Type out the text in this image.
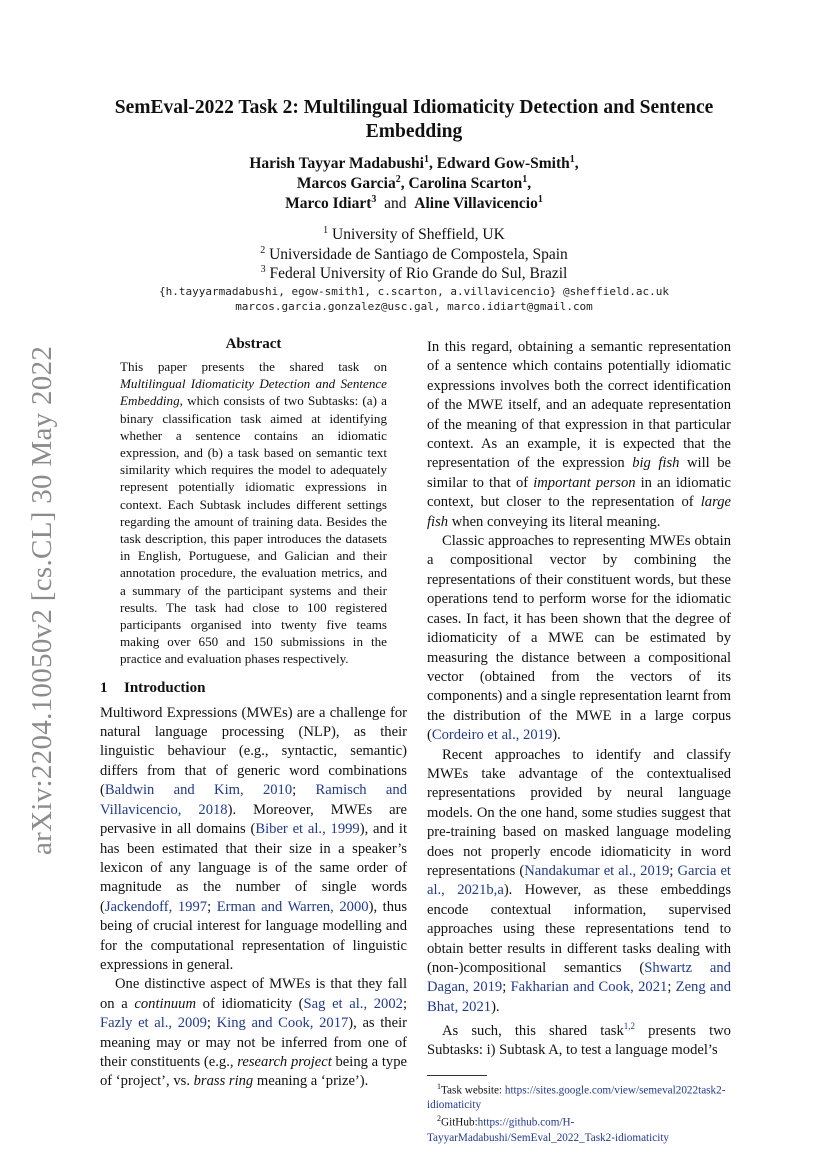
arXiv:2204.10050v2 [cs.CL] 30 May 2022
SemEval-2022 Task 2: Multilingual Idiomaticity Detection and Sentence Embedding
Harish Tayyar Madabushi$^1$, Edward Gow-Smith$^1$,
Marcos Garcia$^2$, Carolina Scarton$^1$,
Marco Idiart$^3$ and Aline Villavicencio$^1$
$^1$ University of Sheffield, UK
$^2$ Universidade de Santiago de Compostela, Spain
$^3$ Federal University of Rio Grande do Sul, Brazil
{h.tayyarmadabushi, egow-smith1, c.scarton, a.villavicencio} @sheffield.ac.uk
marcos.garcia.gonzalez@usc.gal, marco.idiart@gmail.com
Abstract

This paper presents the shared task on Multilingual Idiomaticity Detection and Sentence Embedding, which consists of two Subtasks: (a) a binary classification task aimed at identifying whether a sentence contains an idiomatic expression, and (b) a task based on semantic text similarity which requires the model to adequately represent potentially idiomatic expressions in context. Each Subtask includes different settings regarding the amount of training data. Besides the task description, this paper introduces the datasets in English, Portuguese, and Galician and their annotation procedure, the evaluation metrics, and a summary of the participant systems and their results. The task had close to 100 registered participants organised into twenty five teams making over 650 and 150 submissions in the practice and evaluation phases respectively.

1 Introduction

Multiword Expressions (MWEs) are a challenge for natural language processing (NLP), as their linguistic behaviour (e.g., syntactic, semantic) differs from that of generic word combinations (Baldwin and Kim, 2010; Ramisch and Villavicencio, 2018). Moreover, MWEs are pervasive in all domains (Biber et al., 1999), and it has been estimated that their size in a speaker’s lexicon of any language is of the same order of magnitude as the number of single words (Jackendoff, 1997; Erman and Warren, 2000), thus being of crucial interest for language modelling and for the computational representation of linguistic expressions in general.

One distinctive aspect of MWEs is that they fall on a continuum of idiomaticity (Sag et al., 2002; Fazly et al., 2009; King and Cook, 2017), as their meaning may or may not be inferred from one of their constituents (e.g., research project being a type of ‘project’, vs. brass ring meaning a ‘prize’).

In this regard, obtaining a semantic representation of a sentence which contains potentially idiomatic expressions involves both the correct identification of the MWE itself, and an adequate representation of the meaning of that expression in that particular context. As an example, it is expected that the representation of the expression big fish will be similar to that of important person in an idiomatic context, but closer to the representation of large fish when conveying its literal meaning.

Classic approaches to representing MWEs obtain a compositional vector by combining the representations of their constituent words, but these operations tend to perform worse for the idiomatic cases. In fact, it has been shown that the degree of idiomaticity of a MWE can be estimated by measuring the distance between a compositional vector (obtained from the vectors of its components) and a single representation learnt from the distribution of the MWE in a large corpus (Cordeiro et al., 2019).

Recent approaches to identify and classify MWEs take advantage of the contextualised representations provided by neural language models. On the one hand, some studies suggest that pre-training based on masked language modeling does not properly encode idiomaticity in word representations (Nandakumar et al., 2019; Garcia et al., 2021b,a). However, as these embeddings encode contextual information, supervised approaches using these representations tend to obtain better results in different tasks dealing with (non-)compositional semantics (Shwartz and Dagan, 2019; Fakharian and Cook, 2021; Zeng and Bhat, 2021).

As such, this shared task$^{1,2}$ presents two Subtasks: i) Subtask A, to test a language model’s

$^1$Task website: https://sites.google.com/view/semeval2022task2-idiomaticity

$^2$GitHub:https://github.com/H-TayyarMadabushi/SemEval_2022_Task2-idiomaticity
